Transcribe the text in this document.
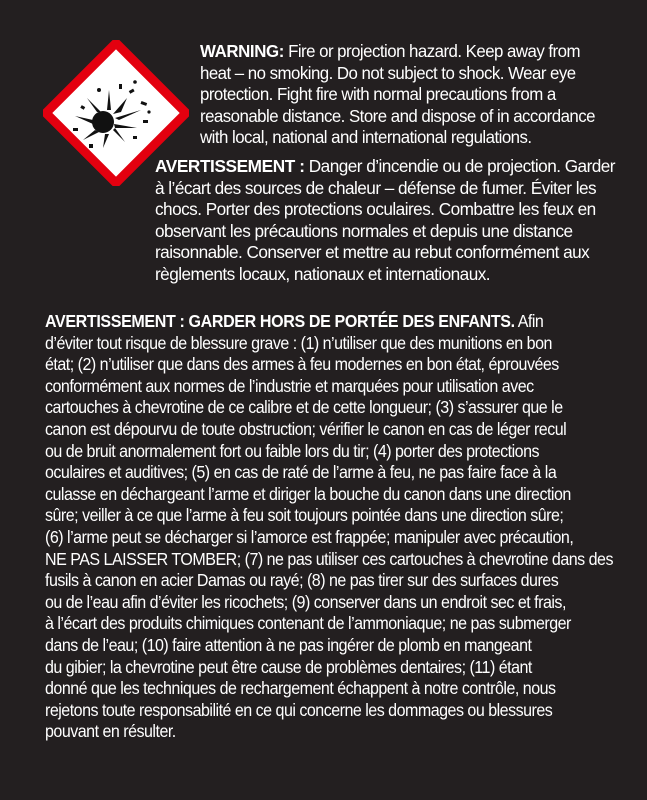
WARNING: Fire or projection hazard. Keep away from
heat – no smoking. Do not subject to shock. Wear eye
protection. Fight fire with normal precautions from a
reasonable distance. Store and dispose of in accordance
with local, national and international regulations.
AVERTISSEMENT : Danger d’incendie ou de projection. Garder
à l’écart des sources de chaleur – défense de fumer. Éviter les
chocs. Porter des protections oculaires. Combattre les feux en
observant les précautions normales et depuis une distance
raisonnable. Conserver et mettre au rebut conformément aux
règlements locaux, nationaux et internationaux.
AVERTISSEMENT : GARDER HORS DE PORTÉE DES ENFANTS. Afin
d’éviter tout risque de blessure grave : (1) n’utiliser que des munitions en bon
état; (2) n’utiliser que dans des armes à feu modernes en bon état, éprouvées
conformément aux normes de l’industrie et marquées pour utilisation avec
cartouches à chevrotine de ce calibre et de cette longueur; (3) s’assurer que le
canon est dépourvu de toute obstruction; vérifier le canon en cas de léger recul
ou de bruit anormalement fort ou faible lors du tir; (4) porter des protections
oculaires et auditives; (5) en cas de raté de l’arme à feu, ne pas faire face à la
culasse en déchargeant l’arme et diriger la bouche du canon dans une direction
sûre; veiller à ce que l’arme à feu soit toujours pointée dans une direction sûre;
(6) l’arme peut se décharger si l’amorce est frappée; manipuler avec précaution,
NE PAS LAISSER TOMBER; (7) ne pas utiliser ces cartouches à chevrotine dans des
fusils à canon en acier Damas ou rayé; (8) ne pas tirer sur des surfaces dures
ou de l’eau afin d’éviter les ricochets; (9) conserver dans un endroit sec et frais,
à l’écart des produits chimiques contenant de l’ammoniaque; ne pas submerger
dans de l’eau; (10) faire attention à ne pas ingérer de plomb en mangeant
du gibier; la chevrotine peut être cause de problèmes dentaires; (11) étant
donné que les techniques de rechargement échappent à notre contrôle, nous
rejetons toute responsabilité en ce qui concerne les dommages ou blessures
pouvant en résulter.
